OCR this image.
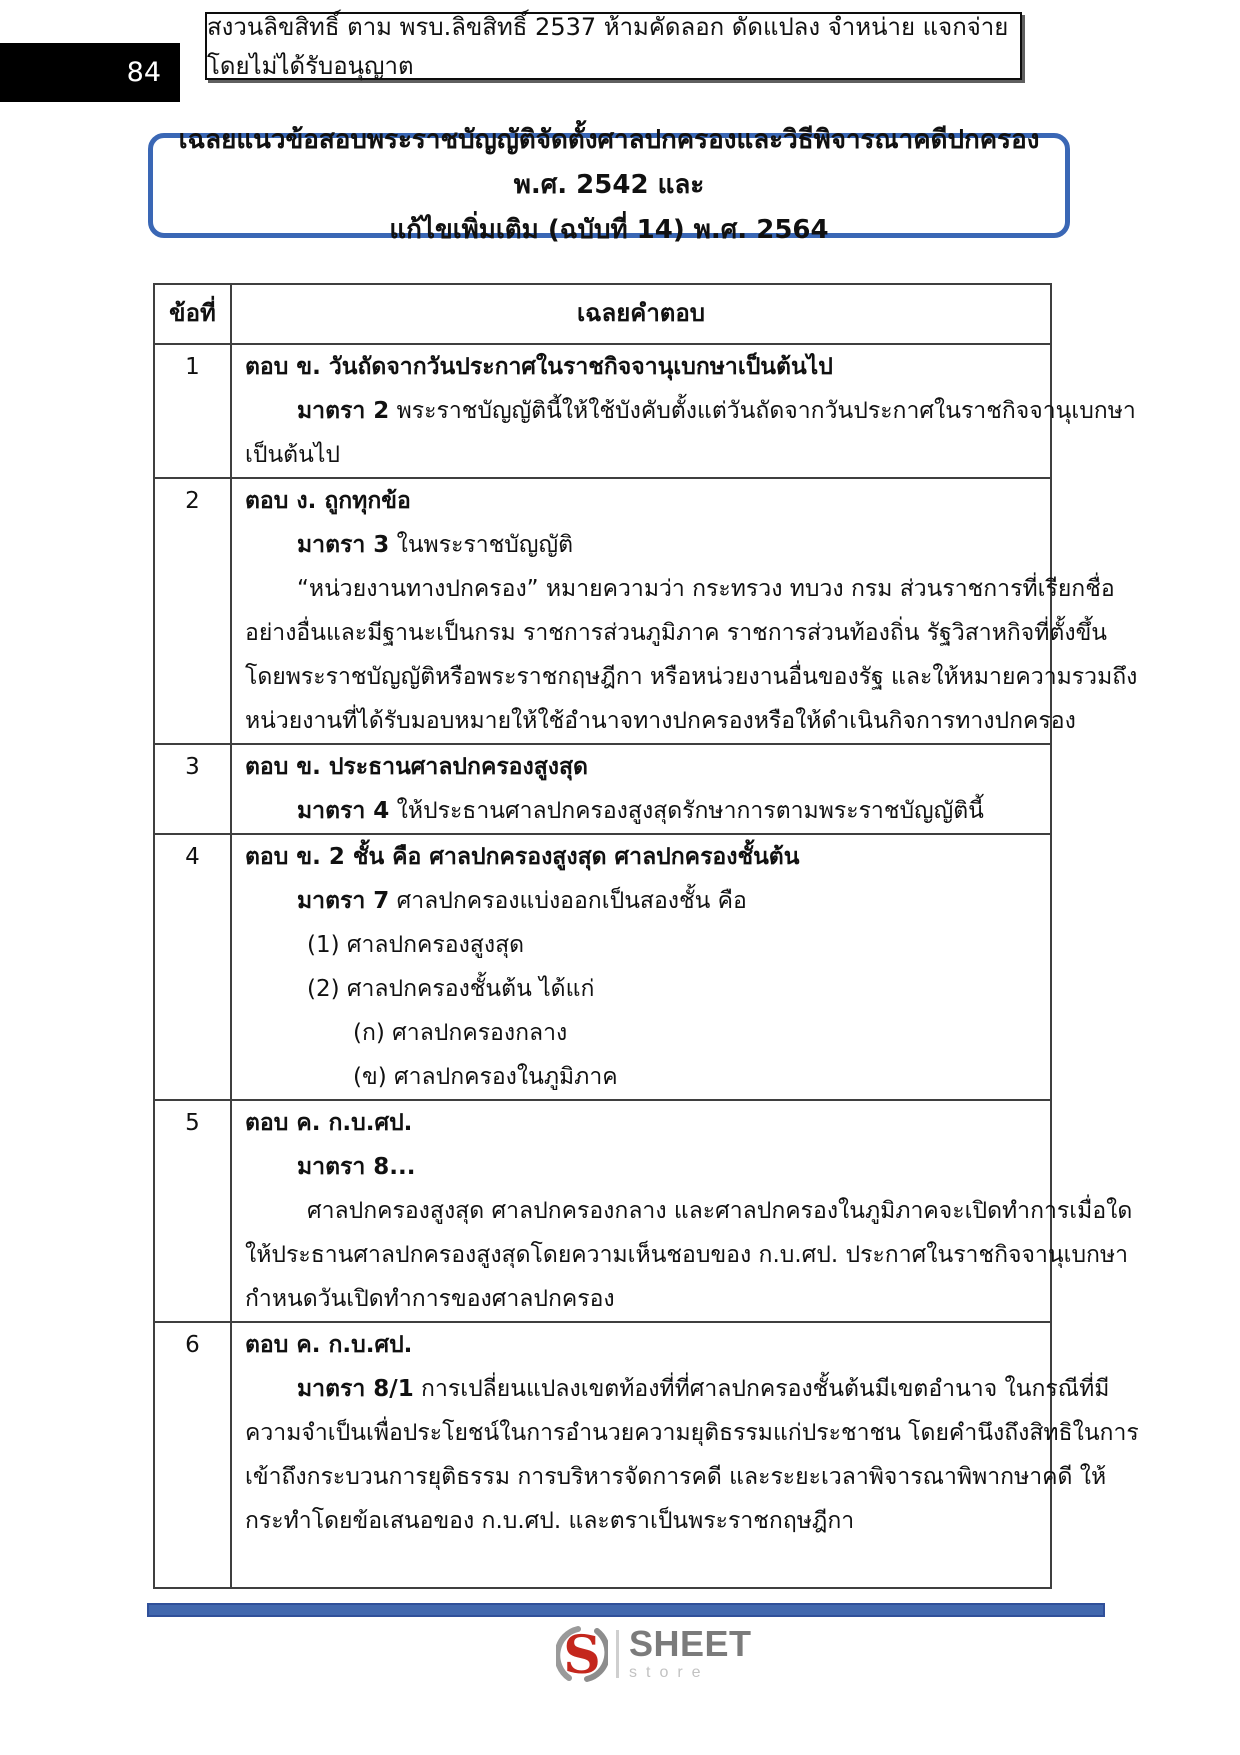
84
สงวนลิขสิทธิ์ ตาม พรบ.ลิขสิทธิ์ 2537 ห้ามคัดลอก ดัดแปลง จำหน่าย แจกจ่าย โดยไม่ได้รับอนุญาต
เฉลยแนวข้อสอบพระราชบัญญัติจัดตั้งศาลปกครองและวิธีพิจารณาคดีปกครอง พ.ศ. 2542 และ
แก้ไขเพิ่มเติม (ฉบับที่ 14) พ.ศ. 2564
ข้อที่	เฉลยคำตอบ
1	ตอบ ข. วันถัดจากวันประกาศในราชกิจจานุเบกษาเป็นต้นไป
มาตรา 2 พระราชบัญญัตินี้ให้ใช้บังคับตั้งแต่วันถัดจากวันประกาศในราชกิจจานุเบกษา
เป็นต้นไป
2	ตอบ ง. ถูกทุกข้อ
มาตรา 3 ในพระราชบัญญัติ
“หน่วยงานทางปกครอง” หมายความว่า กระทรวง ทบวง กรม ส่วนราชการที่เรียกชื่อ
อย่างอื่นและมีฐานะเป็นกรม ราชการส่วนภูมิภาค ราชการส่วนท้องถิ่น รัฐวิสาหกิจที่ตั้งขึ้น
โดยพระราชบัญญัติหรือพระราชกฤษฎีกา หรือหน่วยงานอื่นของรัฐ และให้หมายความรวมถึง
หน่วยงานที่ได้รับมอบหมายให้ใช้อำนาจทางปกครองหรือให้ดำเนินกิจการทางปกครอง
3	ตอบ ข. ประธานศาลปกครองสูงสุด
มาตรา 4 ให้ประธานศาลปกครองสูงสุดรักษาการตามพระราชบัญญัตินี้
4	ตอบ ข. 2 ชั้น คือ ศาลปกครองสูงสุด ศาลปกครองชั้นต้น
มาตรา 7 ศาลปกครองแบ่งออกเป็นสองชั้น คือ
(1) ศาลปกครองสูงสุด
(2) ศาลปกครองชั้นต้น ได้แก่
(ก) ศาลปกครองกลาง
(ข) ศาลปกครองในภูมิภาค
5	ตอบ ค. ก.บ.ศป.
มาตรา 8...
ศาลปกครองสูงสุด ศาลปกครองกลาง และศาลปกครองในภูมิภาคจะเปิดทำการเมื่อใด
ให้ประธานศาลปกครองสูงสุดโดยความเห็นชอบของ ก.บ.ศป. ประกาศในราชกิจจานุเบกษา
กำหนดวันเปิดทำการของศาลปกครอง
6	ตอบ ค. ก.บ.ศป.
มาตรา 8/1 การเปลี่ยนแปลงเขตท้องที่ที่ศาลปกครองชั้นต้นมีเขตอำนาจ ในกรณีที่มี
ความจำเป็นเพื่อประโยชน์ในการอำนวยความยุติธรรมแก่ประชาชน โดยคำนึงถึงสิทธิในการ
เข้าถึงกระบวนการยุติธรรม การบริหารจัดการคดี และระยะเวลาพิจารณาพิพากษาคดี ให้
กระทำโดยข้อเสนอของ ก.บ.ศป. และตราเป็นพระราชกฤษฎีกา
S SHEET
store
